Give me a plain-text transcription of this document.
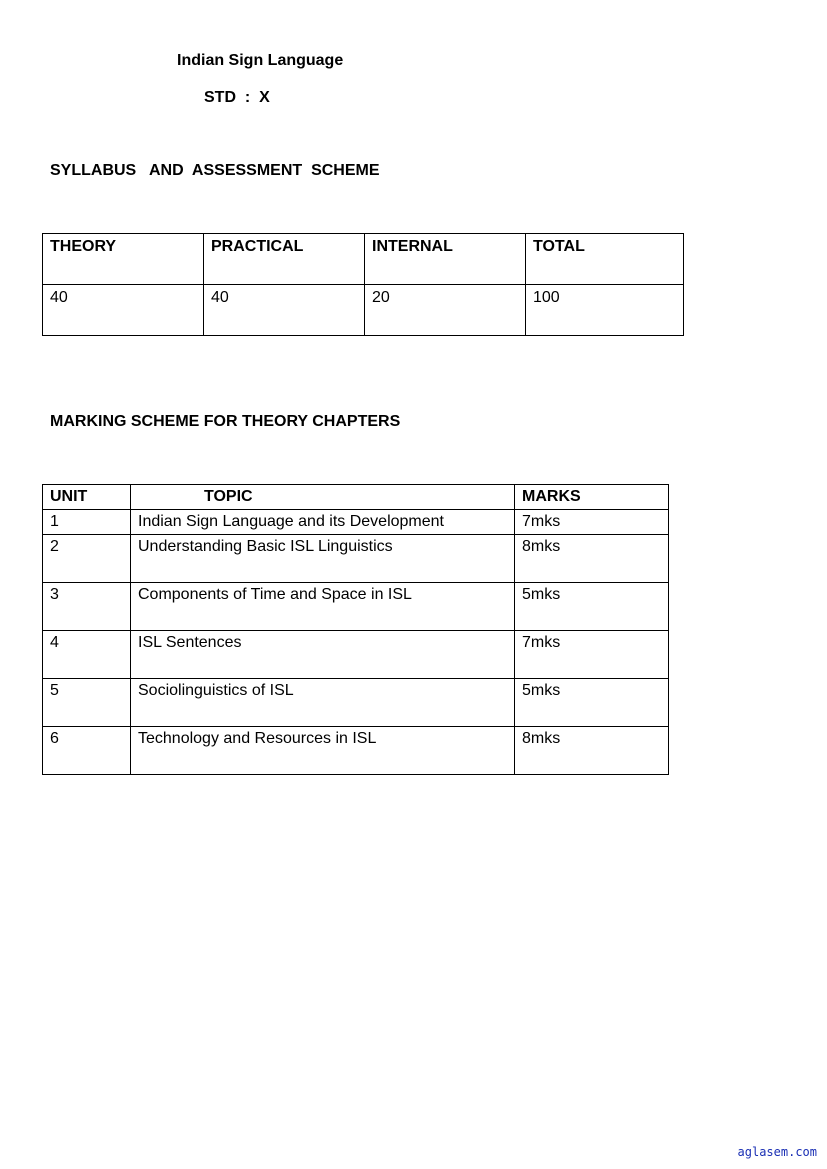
Indian Sign Language
STD  :  X
SYLLABUS   AND  ASSESSMENT  SCHEME
THEORY	PRACTICAL	INTERNAL	TOTAL

40	40	20	100
MARKING SCHEME FOR THEORY CHAPTERS
UNIT	TOPIC	MARKS

1	Indian Sign Language and its Development	7mks

2	Understanding Basic ISL Linguistics	8mks

3	Components of Time and Space in ISL	5mks

4	ISL Sentences	7mks

5	Sociolinguistics of ISL	5mks

6	Technology and Resources in ISL	8mks
aglasem.com
